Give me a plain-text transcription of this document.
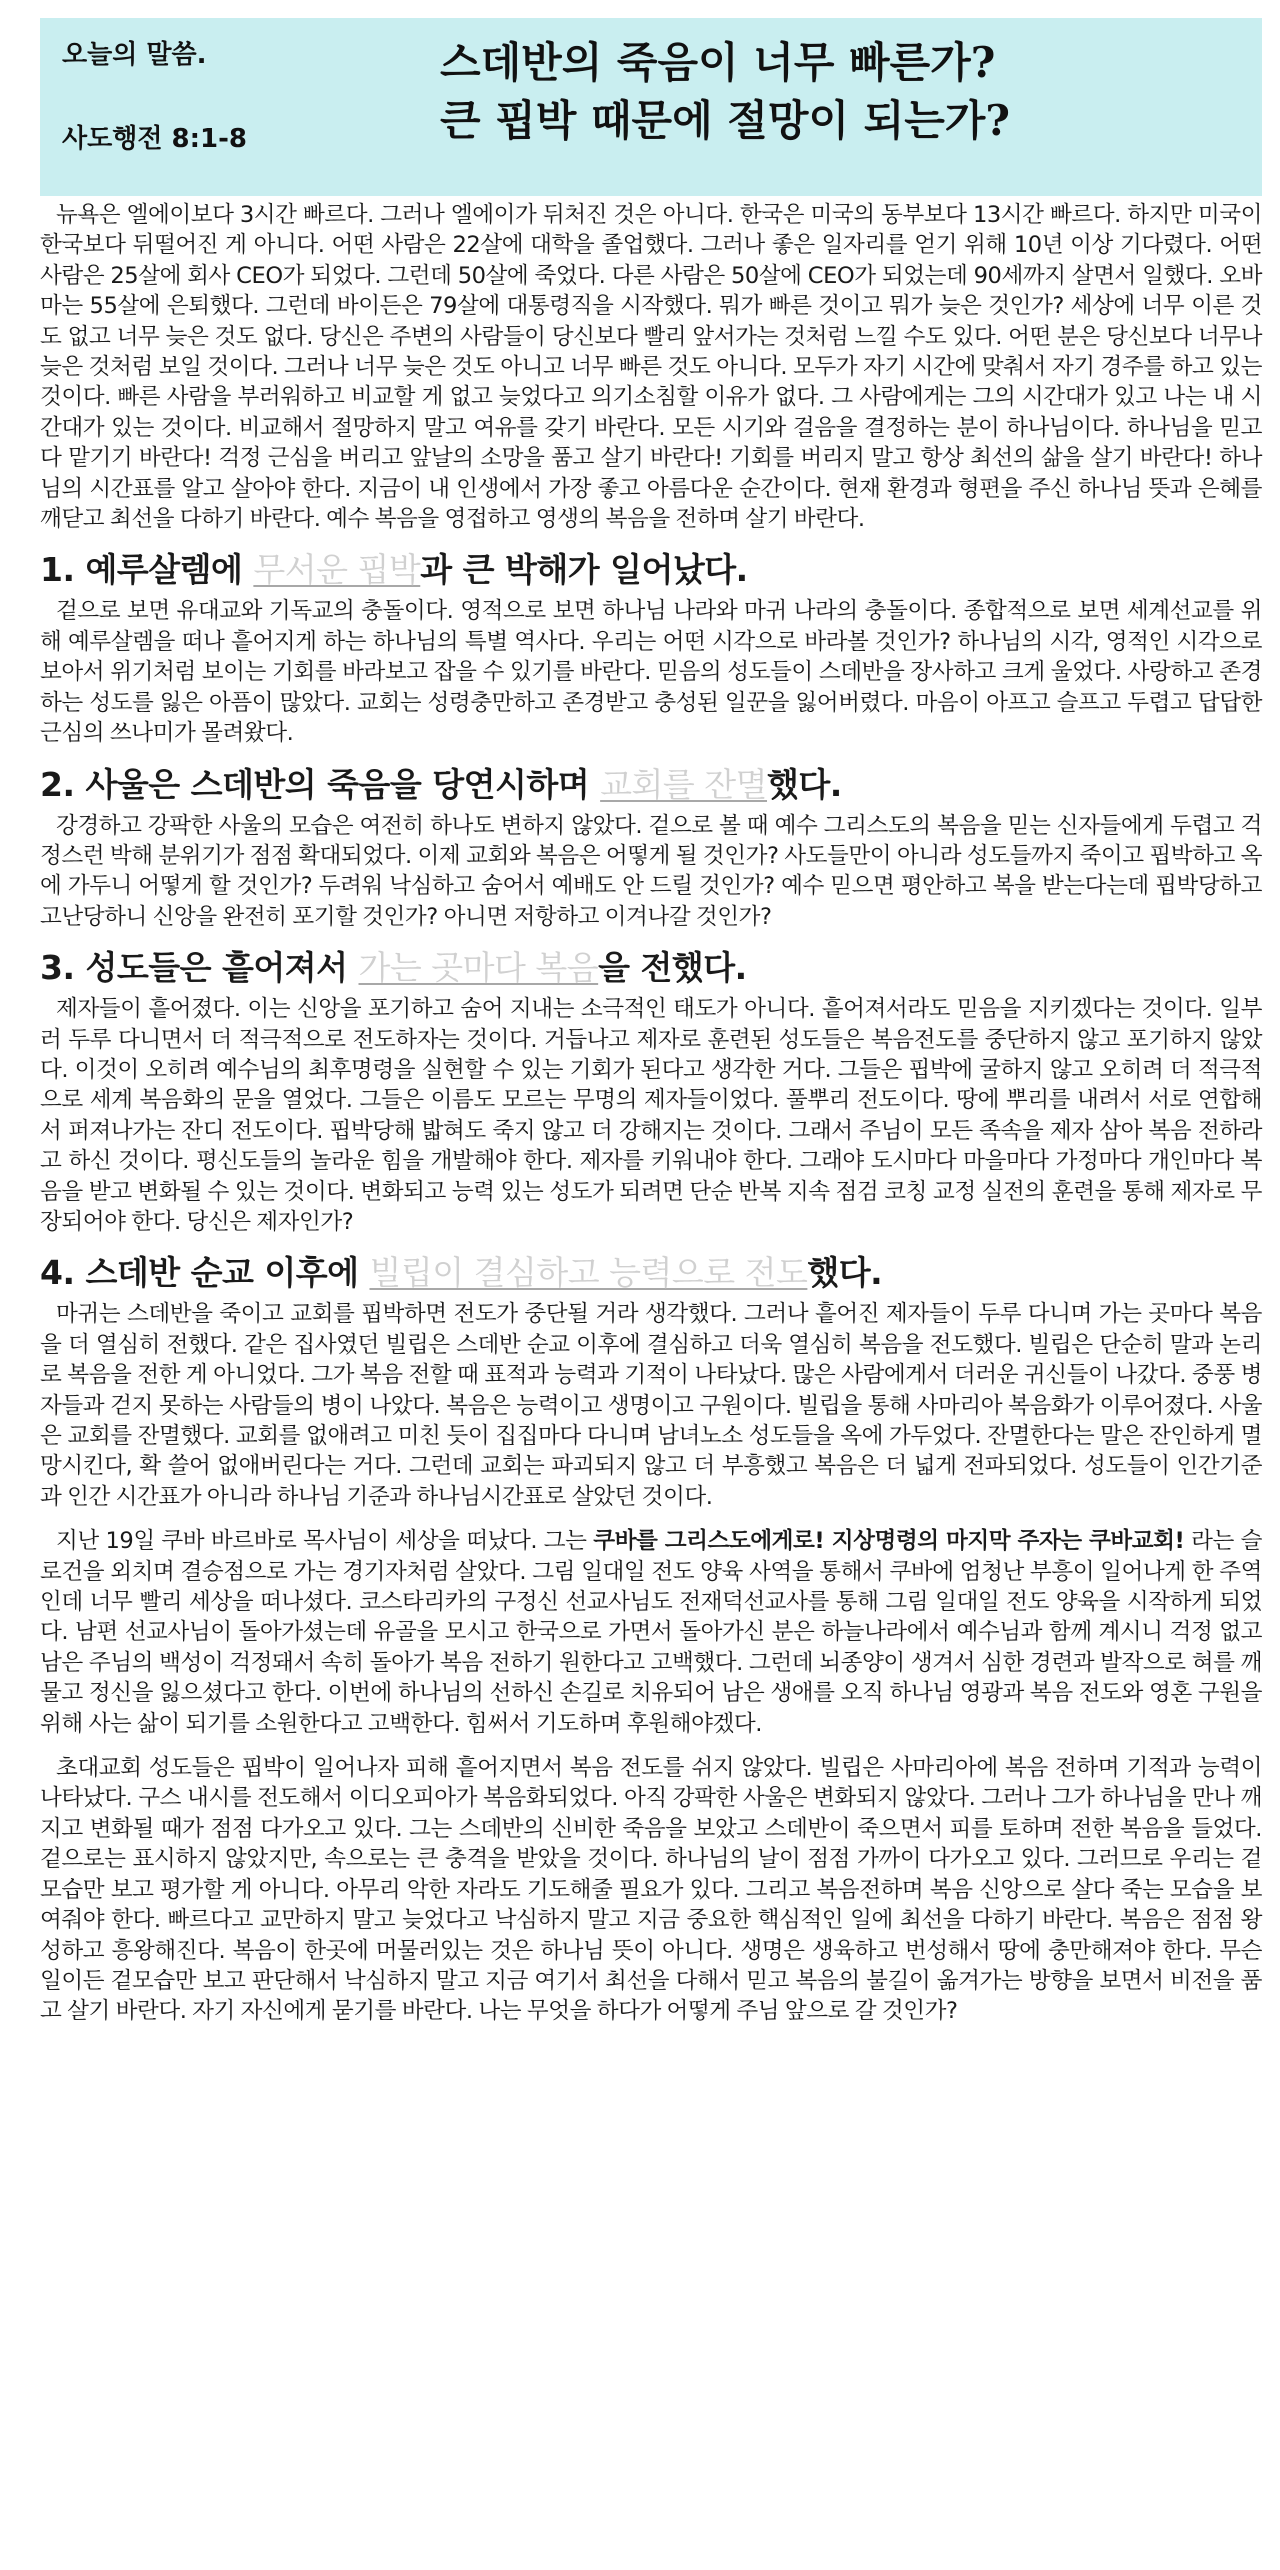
오늘의 말씀.
사도행전 8:1-8
스데반의 죽음이 너무 빠른가?
큰 핍박 때문에 절망이 되는가?

뉴욕은 엘에이보다 3시간 빠르다. 그러나 엘에이가 뒤처진 것은 아니다. 한국은 미국의 동부보다 13시간 빠르다. 하지만 미국이 한국보다 뒤떨어진 게 아니다. 어떤 사람은 22살에 대학을 졸업했다. 그러나 좋은 일자리를 얻기 위해 10년 이상 기다렸다. 어떤 사람은 25살에 회사 CEO가 되었다. 그런데 50살에 죽었다. 다른 사람은 50살에 CEO가 되었는데 90세까지 살면서 일했다. 오바마는 55살에 은퇴했다. 그런데 바이든은 79살에 대통령직을 시작했다. 뭐가 빠른 것이고 뭐가 늦은 것인가? 세상에 너무 이른 것도 없고 너무 늦은 것도 없다. 당신은 주변의 사람들이 당신보다 빨리 앞서가는 것처럼 느낄 수도 있다. 어떤 분은 당신보다 너무나 늦은 것처럼 보일 것이다. 그러나 너무 늦은 것도 아니고 너무 빠른 것도 아니다. 모두가 자기 시간에 맞춰서 자기 경주를 하고 있는 것이다. 빠른 사람을 부러워하고 비교할 게 없고 늦었다고 의기소침할 이유가 없다. 그 사람에게는 그의 시간대가 있고 나는 내 시간대가 있는 것이다. 비교해서 절망하지 말고 여유를 갖기 바란다. 모든 시기와 걸음을 결정하는 분이 하나님이다. 하나님을 믿고 다 맡기기 바란다! 걱정 근심을 버리고 앞날의 소망을 품고 살기 바란다! 기회를 버리지 말고 항상 최선의 삶을 살기 바란다! 하나님의 시간표를 알고 살아야 한다. 지금이 내 인생에서 가장 좋고 아름다운 순간이다. 현재 환경과 형편을 주신 하나님 뜻과 은혜를 깨닫고 최선을 다하기 바란다. 예수 복음을 영접하고 영생의 복음을 전하며 살기 바란다.

1. 예루살렘에 무서운 핍박과 큰 박해가 일어났다.

겉으로 보면 유대교와 기독교의 충돌이다. 영적으로 보면 하나님 나라와 마귀 나라의 충돌이다. 종합적으로 보면 세계선교를 위해 예루살렘을 떠나 흩어지게 하는 하나님의 특별 역사다. 우리는 어떤 시각으로 바라볼 것인가? 하나님의 시각, 영적인 시각으로 보아서 위기처럼 보이는 기회를 바라보고 잡을 수 있기를 바란다. 믿음의 성도들이 스데반을 장사하고 크게 울었다. 사랑하고 존경하는 성도를 잃은 아픔이 많았다. 교회는 성령충만하고 존경받고 충성된 일꾼을 잃어버렸다. 마음이 아프고 슬프고 두렵고 답답한 근심의 쓰나미가 몰려왔다.

2. 사울은 스데반의 죽음을 당연시하며 교회를 잔멸했다.

강경하고 강팍한 사울의 모습은 여전히 하나도 변하지 않았다. 겉으로 볼 때 예수 그리스도의 복음을 믿는 신자들에게 두렵고 걱정스런 박해 분위기가 점점 확대되었다. 이제 교회와 복음은 어떻게 될 것인가? 사도들만이 아니라 성도들까지 죽이고 핍박하고 옥에 가두니 어떻게 할 것인가? 두려워 낙심하고 숨어서 예배도 안 드릴 것인가? 예수 믿으면 평안하고 복을 받는다는데 핍박당하고 고난당하니 신앙을 완전히 포기할 것인가? 아니면 저항하고 이겨나갈 것인가?

3. 성도들은 흩어져서 가는 곳마다 복음을 전했다.

제자들이 흩어졌다. 이는 신앙을 포기하고 숨어 지내는 소극적인 태도가 아니다. 흩어져서라도 믿음을 지키겠다는 것이다. 일부러 두루 다니면서 더 적극적으로 전도하자는 것이다. 거듭나고 제자로 훈련된 성도들은 복음전도를 중단하지 않고 포기하지 않았다. 이것이 오히려 예수님의 최후명령을 실현할 수 있는 기회가 된다고 생각한 거다. 그들은 핍박에 굴하지 않고 오히려 더 적극적으로 세계 복음화의 문을 열었다. 그들은 이름도 모르는 무명의 제자들이었다. 풀뿌리 전도이다. 땅에 뿌리를 내려서 서로 연합해서 퍼져나가는 잔디 전도이다. 핍박당해 밟혀도 죽지 않고 더 강해지는 것이다. 그래서 주님이 모든 족속을 제자 삼아 복음 전하라고 하신 것이다. 평신도들의 놀라운 힘을 개발해야 한다. 제자를 키워내야 한다. 그래야 도시마다 마을마다 가정마다 개인마다 복음을 받고 변화될 수 있는 것이다. 변화되고 능력 있는 성도가 되려면 단순 반복 지속 점검 코칭 교정 실전의 훈련을 통해 제자로 무장되어야 한다. 당신은 제자인가?

4. 스데반 순교 이후에 빌립이 결심하고 능력으로 전도했다.

마귀는 스데반을 죽이고 교회를 핍박하면 전도가 중단될 거라 생각했다. 그러나 흩어진 제자들이 두루 다니며 가는 곳마다 복음을 더 열심히 전했다. 같은 집사였던 빌립은 스데반 순교 이후에 결심하고 더욱 열심히 복음을 전도했다. 빌립은 단순히 말과 논리로 복음을 전한 게 아니었다. 그가 복음 전할 때 표적과 능력과 기적이 나타났다. 많은 사람에게서 더러운 귀신들이 나갔다. 중풍 병자들과 걷지 못하는 사람들의 병이 나았다. 복음은 능력이고 생명이고 구원이다. 빌립을 통해 사마리아 복음화가 이루어졌다. 사울은 교회를 잔멸했다. 교회를 없애려고 미친 듯이 집집마다 다니며 남녀노소 성도들을 옥에 가두었다. 잔멸한다는 말은 잔인하게 멸망시킨다, 확 쓸어 없애버린다는 거다. 그런데 교회는 파괴되지 않고 더 부흥했고 복음은 더 넓게 전파되었다. 성도들이 인간기준과 인간 시간표가 아니라 하나님 기준과 하나님시간표로 살았던 것이다.

지난 19일 쿠바 바르바로 목사님이 세상을 떠났다. 그는 쿠바를 그리스도에게로! 지상명령의 마지막 주자는 쿠바교회! 라는 슬로건을 외치며 결승점으로 가는 경기자처럼 살았다. 그림 일대일 전도 양육 사역을 통해서 쿠바에 엄청난 부흥이 일어나게 한 주역인데 너무 빨리 세상을 떠나셨다. 코스타리카의 구정신 선교사님도 전재덕선교사를 통해 그림 일대일 전도 양육을 시작하게 되었다. 남편 선교사님이 돌아가셨는데 유골을 모시고 한국으로 가면서 돌아가신 분은 하늘나라에서 예수님과 함께 계시니 걱정 없고 남은 주님의 백성이 걱정돼서 속히 돌아가 복음 전하기 원한다고 고백했다. 그런데 뇌종양이 생겨서 심한 경련과 발작으로 혀를 깨물고 정신을 잃으셨다고 한다. 이번에 하나님의 선하신 손길로 치유되어 남은 생애를 오직 하나님 영광과 복음 전도와 영혼 구원을 위해 사는 삶이 되기를 소원한다고 고백한다. 힘써서 기도하며 후원해야겠다.

초대교회 성도들은 핍박이 일어나자 피해 흩어지면서 복음 전도를 쉬지 않았다. 빌립은 사마리아에 복음 전하며 기적과 능력이 나타났다. 구스 내시를 전도해서 이디오피아가 복음화되었다. 아직 강팍한 사울은 변화되지 않았다. 그러나 그가 하나님을 만나 깨지고 변화될 때가 점점 다가오고 있다. 그는 스데반의 신비한 죽음을 보았고 스데반이 죽으면서 피를 토하며 전한 복음을 들었다. 겉으로는 표시하지 않았지만, 속으로는 큰 충격을 받았을 것이다. 하나님의 날이 점점 가까이 다가오고 있다. 그러므로 우리는 겉모습만 보고 평가할 게 아니다. 아무리 악한 자라도 기도해줄 필요가 있다. 그리고 복음전하며 복음 신앙으로 살다 죽는 모습을 보여줘야 한다. 빠르다고 교만하지 말고 늦었다고 낙심하지 말고 지금 중요한 핵심적인 일에 최선을 다하기 바란다. 복음은 점점 왕성하고 흥왕해진다. 복음이 한곳에 머물러있는 것은 하나님 뜻이 아니다. 생명은 생육하고 번성해서 땅에 충만해져야 한다. 무슨 일이든 겉모습만 보고 판단해서 낙심하지 말고 지금 여기서 최선을 다해서 믿고 복음의 불길이 옮겨가는 방향을 보면서 비전을 품고 살기 바란다. 자기 자신에게 묻기를 바란다. 나는 무엇을 하다가 어떻게 주님 앞으로 갈 것인가?
